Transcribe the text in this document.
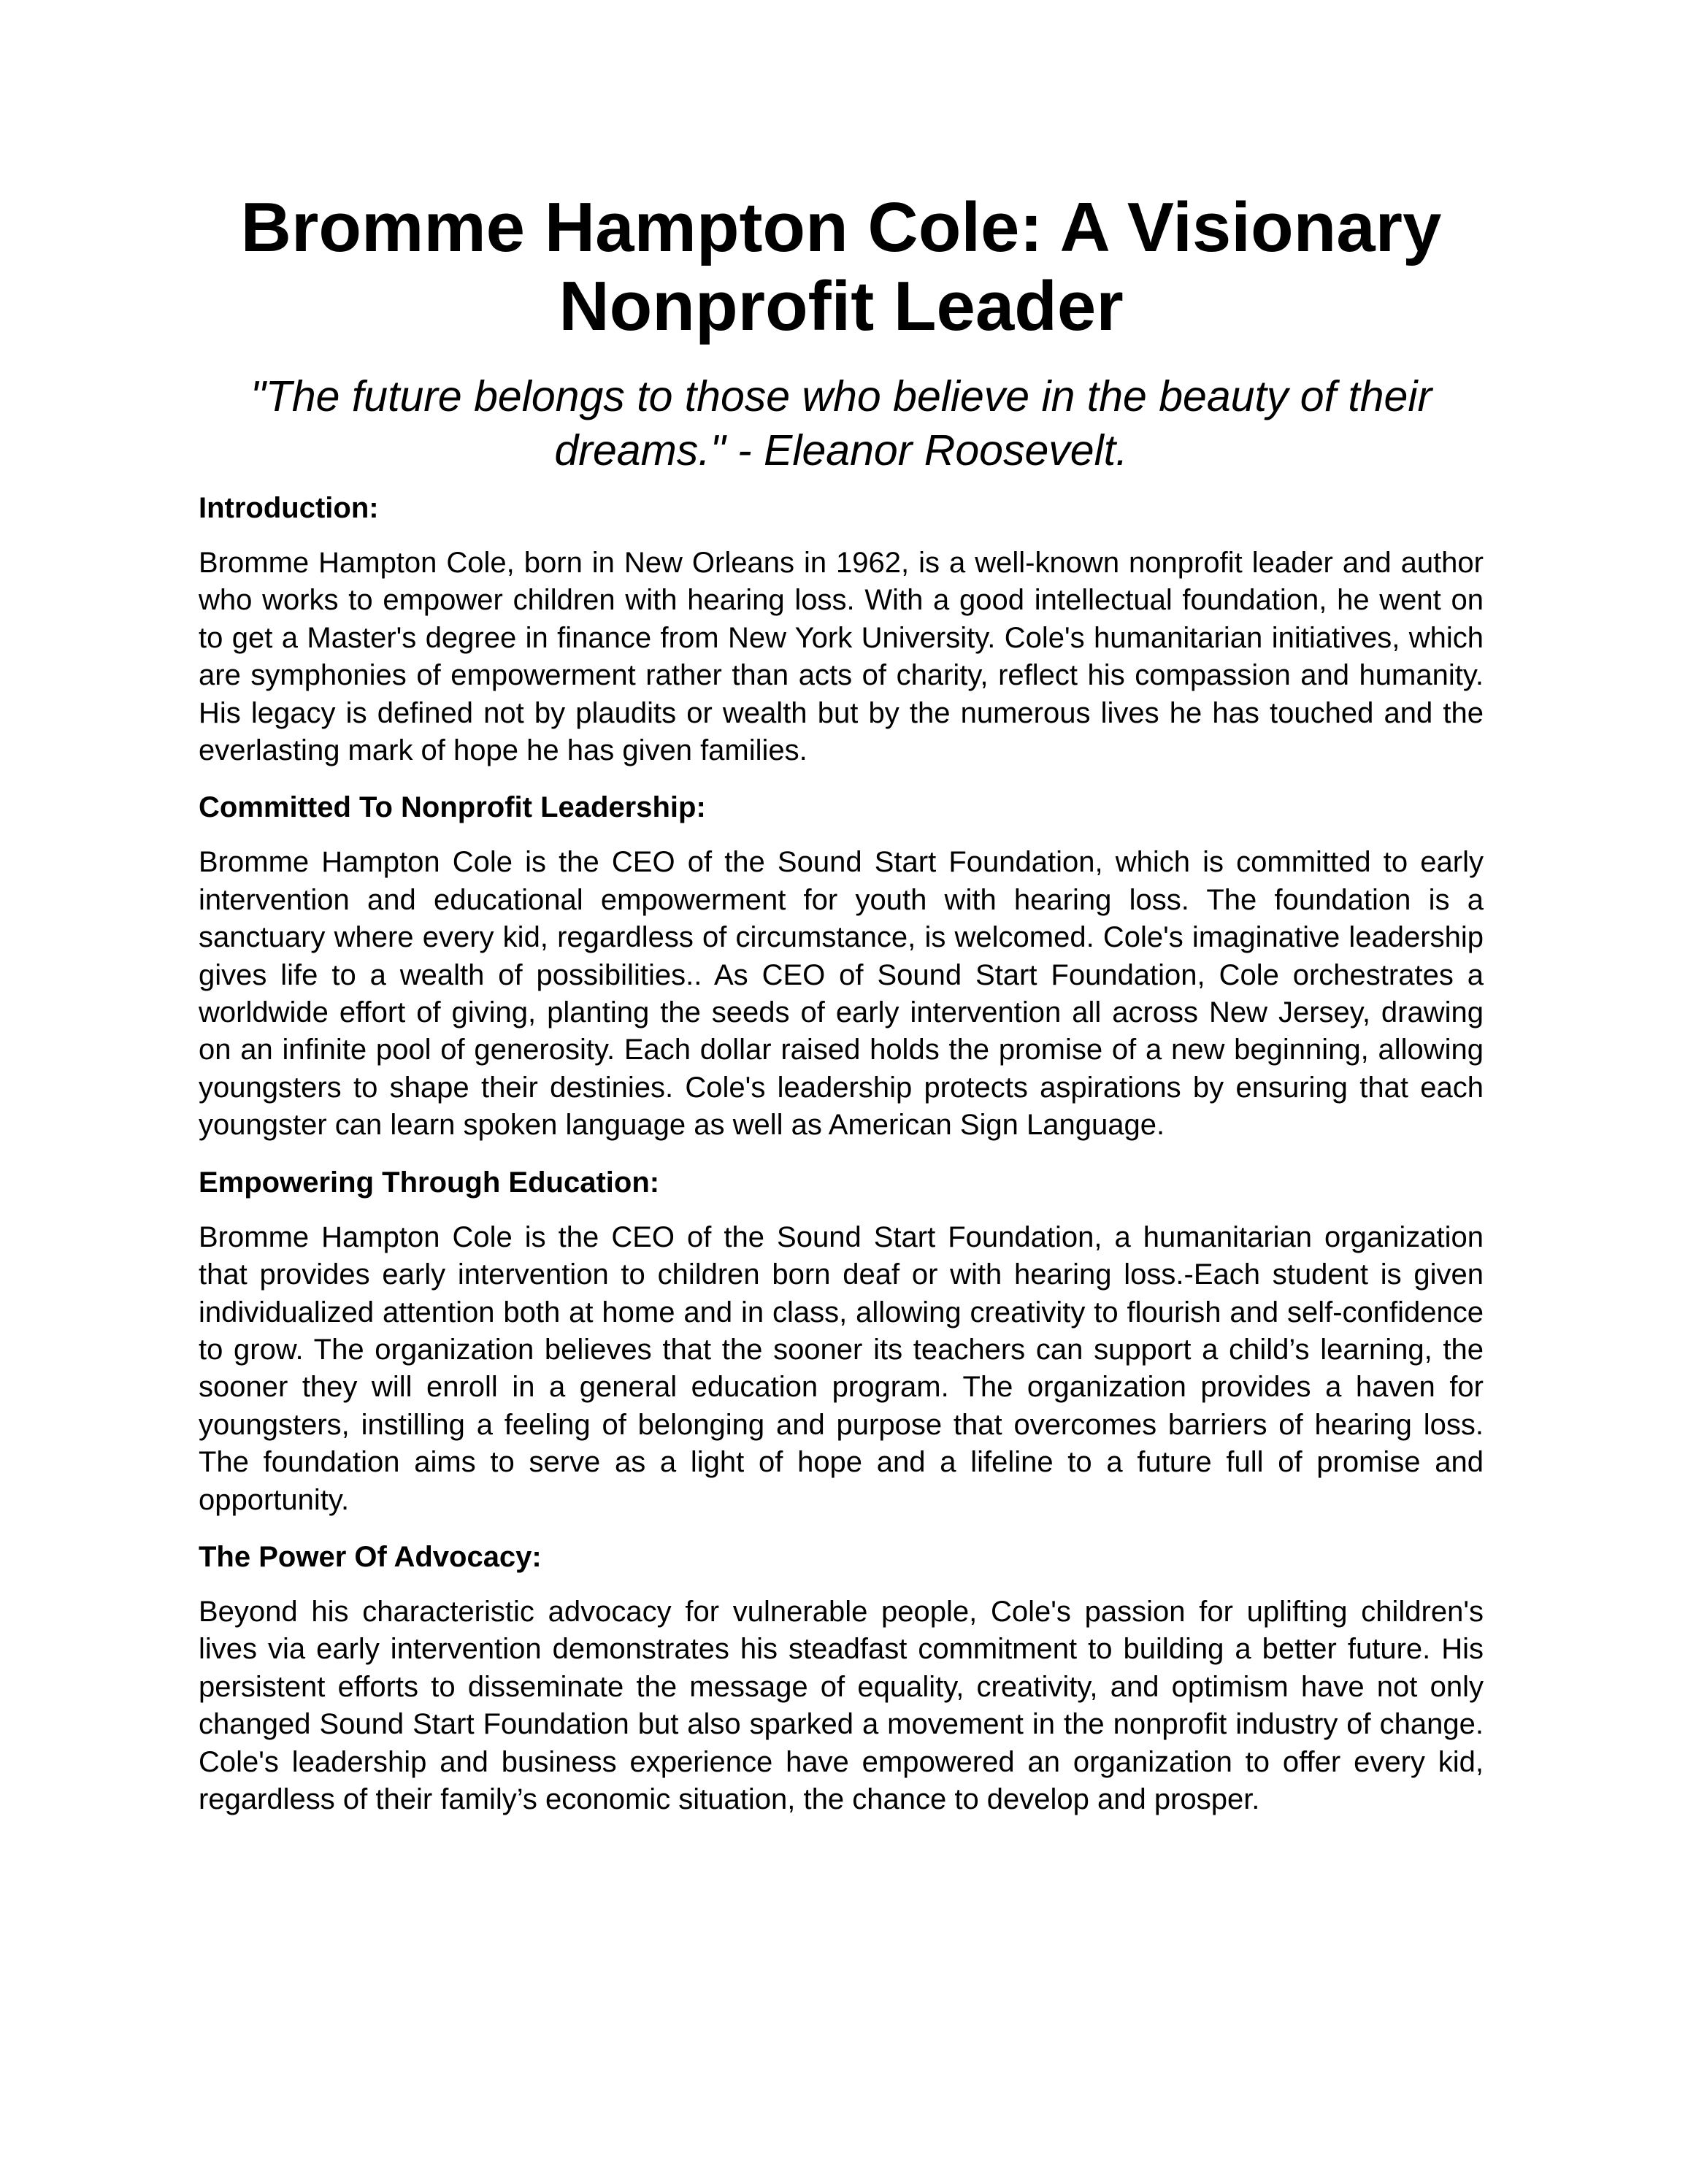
Bromme Hampton Cole: A Visionary Nonprofit Leader

"The future belongs to those who believe in the beauty of their dreams." - Eleanor Roosevelt.

Introduction:

Bromme Hampton Cole, born in New Orleans in 1962, is a well-known nonprofit leader and author who works to empower children with hearing loss. With a good intellectual foundation, he went on to get a Master's degree in finance from New York University. Cole's humanitarian initiatives, which are symphonies of empowerment rather than acts of charity, reflect his compassion and humanity. His legacy is defined not by plaudits or wealth but by the numerous lives he has touched and the everlasting mark of hope he has given families.

Committed To Nonprofit Leadership:

Bromme Hampton Cole is the CEO of the Sound Start Foundation, which is committed to early intervention and educational empowerment for youth with hearing loss. The foundation is a sanctuary where every kid, regardless of circumstance, is welcomed. Cole's imaginative leadership gives life to a wealth of possibilities.. As CEO of Sound Start Foundation, Cole orchestrates a worldwide effort of giving, planting the seeds of early intervention all across New Jersey, drawing on an infinite pool of generosity. Each dollar raised holds the promise of a new beginning, allowing youngsters to shape their destinies. Cole's leadership protects aspirations by ensuring that each youngster can learn spoken language as well as American Sign Language.

Empowering Through Education:

Bromme Hampton Cole is the CEO of the Sound Start Foundation, a humanitarian organization that provides early intervention to children born deaf or with hearing loss.-Each student is given individualized attention both at home and in class, allowing creativity to flourish and self-confidence to grow. The organization believes that the sooner its teachers can support a child’s learning, the sooner they will enroll in a general education program. The organization provides a haven for youngsters, instilling a feeling of belonging and purpose that overcomes barriers of hearing loss. The foundation aims to serve as a light of hope and a lifeline to a future full of promise and opportunity.

The Power Of Advocacy:

Beyond his characteristic advocacy for vulnerable people, Cole's passion for uplifting children's lives via early intervention demonstrates his steadfast commitment to building a better future. His persistent efforts to disseminate the message of equality, creativity, and optimism have not only changed Sound Start Foundation but also sparked a movement in the nonprofit industry of change. Cole's leadership and business experience have empowered an organization to offer every kid, regardless of their family’s economic situation, the chance to develop and prosper.
